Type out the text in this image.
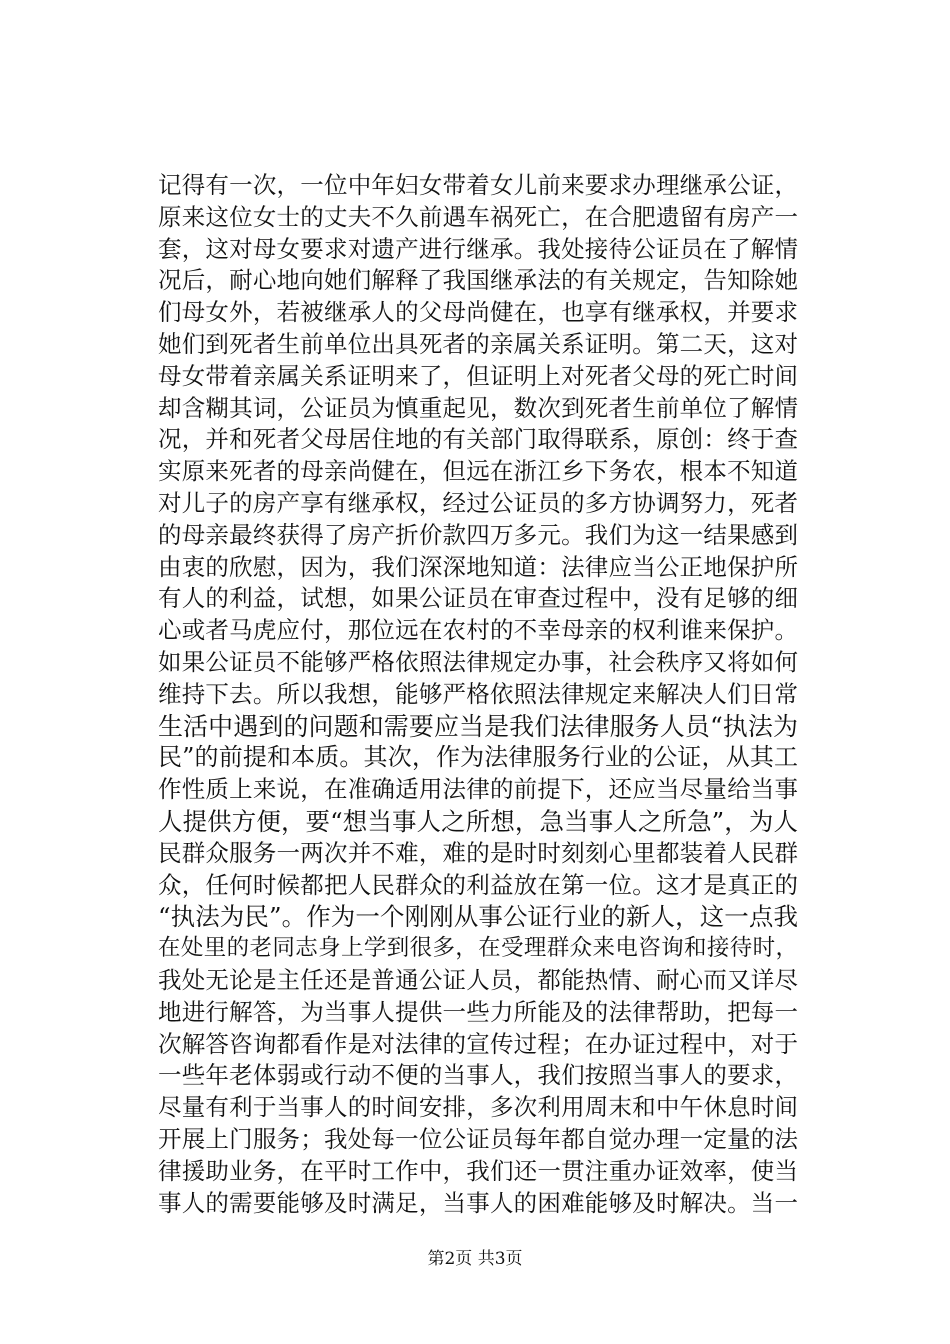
记得有一次，一位中年妇女带着女儿前来要求办理继承公证，
原来这位女士的丈夫不久前遇车祸死亡，在合肥遗留有房产一
套，这对母女要求对遗产进行继承。我处接待公证员在了解情
况后，耐心地向她们解释了我国继承法的有关规定，告知除她
们母女外，若被继承人的父母尚健在，也享有继承权，并要求
她们到死者生前单位出具死者的亲属关系证明。第二天，这对
母女带着亲属关系证明来了，但证明上对死者父母的死亡时间
却含糊其词，公证员为慎重起见，数次到死者生前单位了解情
况，并和死者父母居住地的有关部门取得联系，原创：终于查
实原来死者的母亲尚健在，但远在浙江乡下务农，根本不知道
对儿子的房产享有继承权，经过公证员的多方协调努力，死者
的母亲最终获得了房产折价款四万多元。我们为这一结果感到
由衷的欣慰，因为，我们深深地知道：法律应当公正地保护所
有人的利益，试想，如果公证员在审查过程中，没有足够的细
心或者马虎应付，那位远在农村的不幸母亲的权利谁来保护。
如果公证员不能够严格依照法律规定办事，社会秩序又将如何
维持下去。所以我想，能够严格依照法律规定来解决人们日常
生活中遇到的问题和需要应当是我们法律服务人员“执法为
民”的前提和本质。其次，作为法律服务行业的公证，从其工
作性质上来说，在准确适用法律的前提下，还应当尽量给当事
人提供方便，要“想当事人之所想，急当事人之所急”，为人
民群众服务一两次并不难，难的是时时刻刻心里都装着人民群
众，任何时候都把人民群众的利益放在第一位。这才是真正的
“执法为民”。作为一个刚刚从事公证行业的新人，这一点我
在处里的老同志身上学到很多，在受理群众来电咨询和接待时，
我处无论是主任还是普通公证人员，都能热情、耐心而又详尽
地进行解答，为当事人提供一些力所能及的法律帮助，把每一
次解答咨询都看作是对法律的宣传过程；在办证过程中，对于
一些年老体弱或行动不便的当事人，我们按照当事人的要求，
尽量有利于当事人的时间安排，多次利用周末和中午休息时间
开展上门服务；我处每一位公证员每年都自觉办理一定量的法
律援助业务，在平时工作中，我们还一贯注重办证效率，使当
事人的需要能够及时满足，当事人的困难能够及时解决。当一
第2页 共3页
